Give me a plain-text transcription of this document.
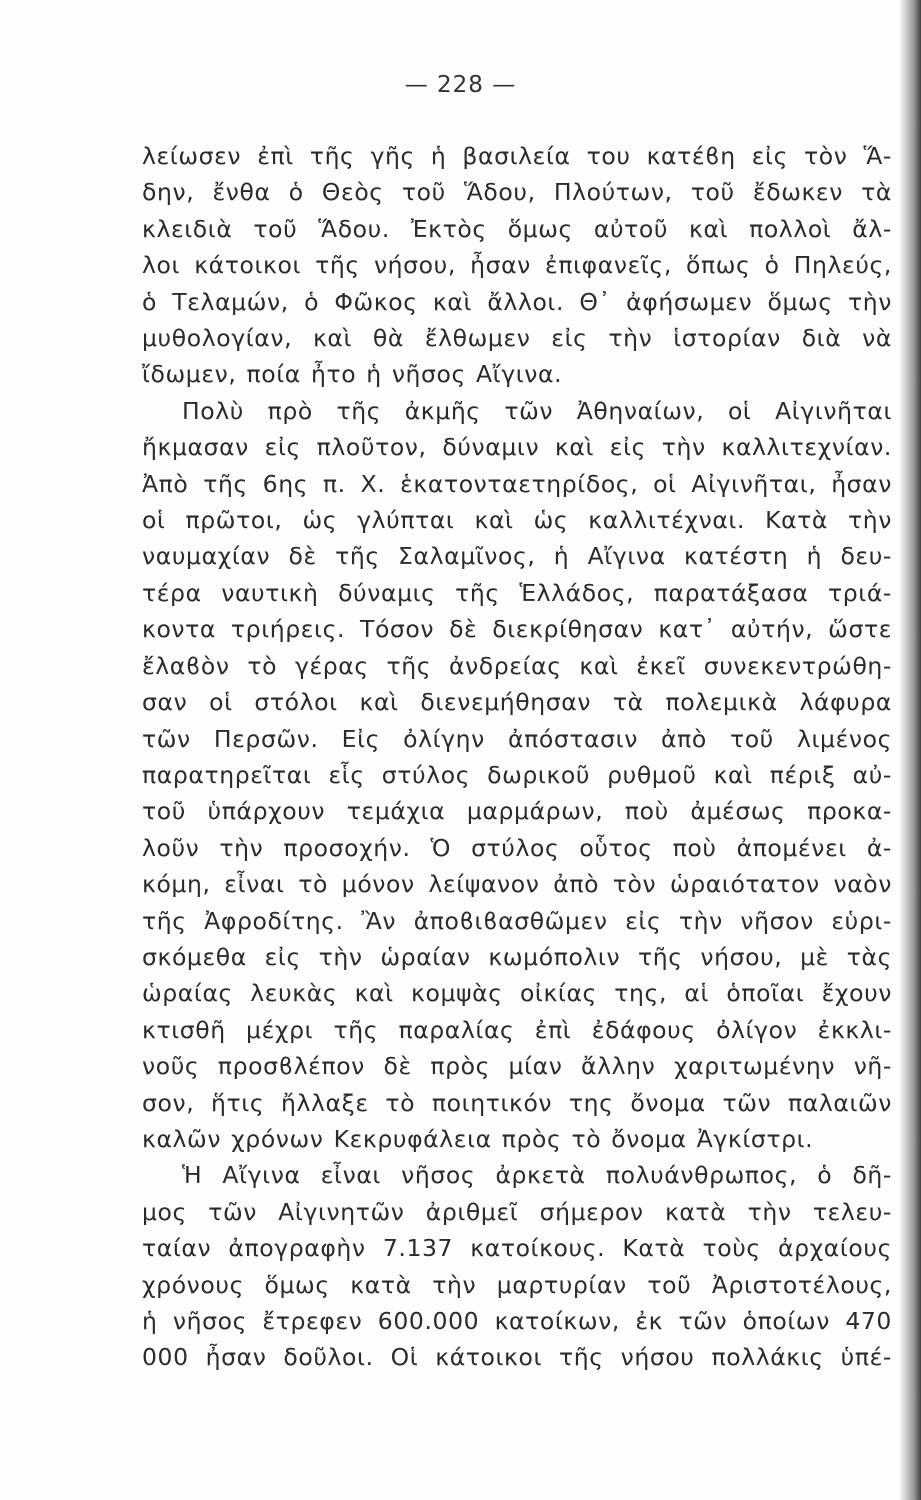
— 228 —
λείωσεν ἐπὶ τῆς γῆς ἡ βασιλεία του κατέϐη εἰς τὸν Ἅ-
δην, ἔνθα ὁ Θεὸς τοῦ Ἅδου, Πλούτων, τοῦ ἔδωκεν τὰ
κλειδιὰ τοῦ Ἅδου. Ἐκτὸς ὅμως αὐτοῦ καὶ πολλοὶ ἄλ-
λοι κάτοικοι τῆς νήσου, ἦσαν ἐπιφανεῖς, ὅπως ὁ Πηλεύς,
ὁ Τελαμών, ὁ Φῶκος καὶ ἄλλοι. Θ᾽ ἀφήσωμεν ὅμως τὴν
μυθολογίαν, καὶ θὰ ἔλθωμεν εἰς τὴν ἱστορίαν διὰ νὰ
ἴδωμεν, ποία ἦτο ἡ νῆσος Αἴγινα.
Πολὺ πρὸ τῆς ἀκμῆς τῶν Ἀθηναίων, οἱ Αἰγινῆται
ἤκμασαν εἰς πλοῦτον, δύναμιν καὶ εἰς τὴν καλλιτεχνίαν.
Ἀπὸ τῆς 6ης π. Χ. ἑκατονταετηρίδος, οἱ Αἰγινῆται, ἦσαν
οἱ πρῶτοι, ὡς γλύπται καὶ ὡς καλλιτέχναι. Κατὰ τὴν
ναυμαχίαν δὲ τῆς Σαλαμῖνος, ἡ Αἴγινα κατέστη ἡ δευ-
τέρα ναυτικὴ δύναμις τῆς Ἑλλάδος, παρατάξασα τριά-
κοντα τριήρεις. Τόσον δὲ διεκρίθησαν κατ᾽ αὐτήν, ὥστε
ἔλαϐὸν τὸ γέρας τῆς ἀνδρείας καὶ ἐκεῖ συνεκεντρώθη-
σαν οἱ στόλοι καὶ διενεμήθησαν τὰ πολεμικὰ λάφυρα
τῶν Περσῶν. Εἰς ὀλίγην ἀπόστασιν ἀπὸ τοῦ λιμένος
παρατηρεῖται εἷς στύλος δωρικοῦ ρυθμοῦ καὶ πέριξ αὐ-
τοῦ ὑπάρχουν τεμάχια μαρμάρων, ποὺ ἀμέσως προκα-
λοῦν τὴν προσοχήν. Ὁ στύλος οὗτος ποὺ ἀπομένει ἀ-
κόμη, εἶναι τὸ μόνον λείψανον ἀπὸ τὸν ὡραιότατον ναὸν
τῆς Ἀφροδίτης. Ἂν ἀποϐιϐασθῶμεν εἰς τὴν νῆσον εὑρι-
σκόμεθα εἰς τὴν ὡραίαν κωμόπολιν τῆς νήσου, μὲ τὰς
ὡραίας λευκὰς καὶ κομψὰς οἰκίας της, αἱ ὁποῖαι ἔχουν
κτισθῆ μέχρι τῆς παραλίας ἐπὶ ἐδάφους ὀλίγον ἐκκλι-
νοῦς προσϐλέπον δὲ πρὸς μίαν ἄλλην χαριτωμένην νῆ-
σον, ἥτις ἤλλαξε τὸ ποιητικόν της ὄνομα τῶν παλαιῶν
καλῶν χρόνων Κεκρυφάλεια πρὸς τὸ ὄνομα Ἀγκίστρι.
Ἡ Αἴγινα εἶναι νῆσος ἀρκετὰ πολυάνθρωπος, ὁ δῆ-
μος τῶν Αἰγινητῶν ἀριθμεῖ σήμερον κατὰ τὴν τελευ-
ταίαν ἀπογραφὴν 7.137 κατοίκους. Κατὰ τοὺς ἀρχαίους
χρόνους ὅμως κατὰ τὴν μαρτυρίαν τοῦ Ἀριστοτέλους,
ἡ νῆσος ἔτρεφεν 600.000 κατοίκων, ἐκ τῶν ὁποίων 470
000 ἦσαν δοῦλοι. Οἱ κάτοικοι τῆς νήσου πολλάκις ὑπέ-
